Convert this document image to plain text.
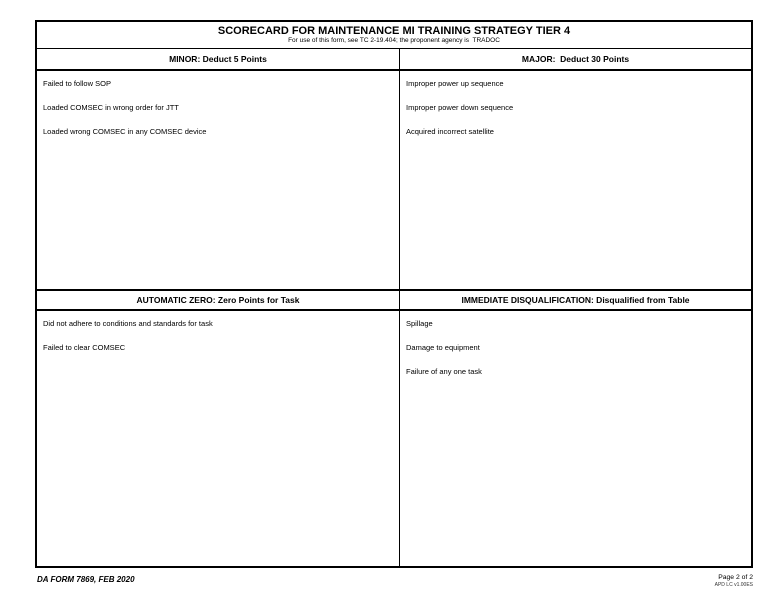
SCORECARD FOR MAINTENANCE MI TRAINING STRATEGY TIER 4
For use of this form, see TC 2-19.404; the proponent agency is  TRADOC
MINOR: Deduct 5 Points	MAJOR:  Deduct 30 Points
Failed to follow SOP
Loaded COMSEC in wrong order for JTT
Loaded wrong COMSEC in any COMSEC device
Improper power up sequence
Improper power down sequence
Acquired incorrect satellite
AUTOMATIC ZERO: Zero Points for Task	IMMEDIATE DISQUALIFICATION: Disqualified from Table
Did not adhere to conditions and standards for task
Failed to clear COMSEC
Spillage
Damage to equipment
Failure of any one task
DA FORM 7869, FEB 2020	Page 2 of 2
APD LC v1.00ES
